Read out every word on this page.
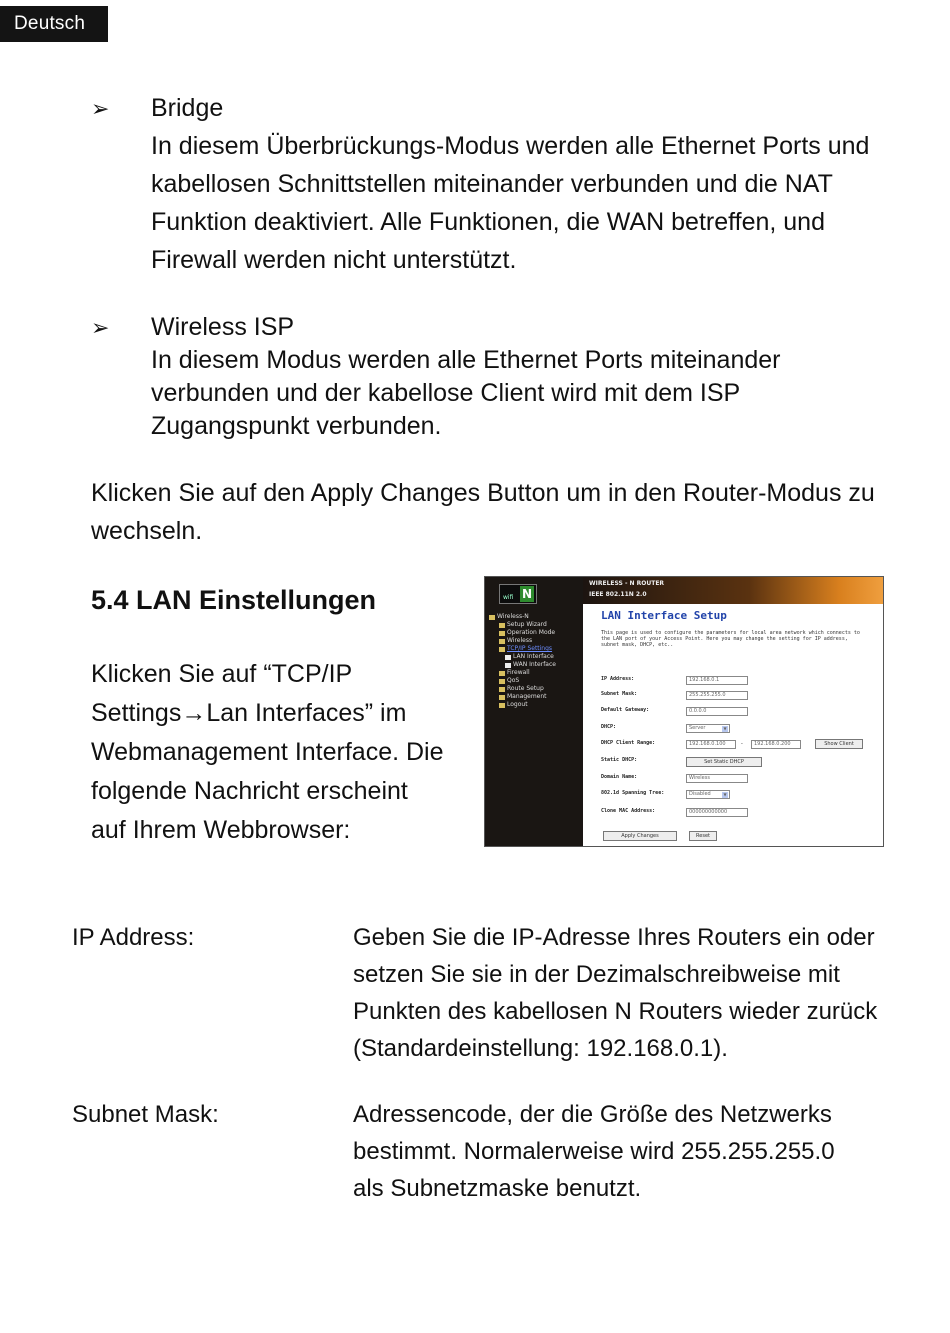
Deutsch
➢	Bridge
In diesem Überbrückungs-Modus werden alle Ethernet Ports und
kabellosen Schnittstellen miteinander verbunden und die NAT
Funktion deaktiviert. Alle Funktionen, die WAN betreffen, und
Firewall werden nicht unterstützt.
➢	Wireless ISP
In diesem Modus werden alle Ethernet Ports miteinander
verbunden und der kabellose Client wird mit dem ISP
Zugangspunkt verbunden.
Klicken Sie auf den Apply Changes Button um in den Router-Modus zu
wechseln.
5.4 LAN Einstellungen
Klicken Sie auf “TCP/IP
Settings→Lan Interfaces” im
Webmanagement Interface. Die
folgende Nachricht erscheint
auf Ihrem Webbrowser:
wifi N
Wireless-N
Setup Wizard
Operation Mode
Wireless
TCP/IP Settings
LAN Interface
WAN Interface
Firewall
QoS
Route Setup
Management
Logout
WIRELESS - N ROUTER
IEEE 802.11N 2.0
LAN Interface Setup
This page is used to configure the parameters for local area network which connects to the LAN port of your Access Point. Here you may change the setting for IP address, subnet mask, DHCP, etc..
IP Address:	192.168.0.1
Subnet Mask:	255.255.255.0
Default Gateway:	0.0.0.0
DHCP:	Server	▼
DHCP Client Range:	192.168.0.100	-	192.168.0.200	Show Client
Static DHCP:	Set Static DHCP
Domain Name:	Wireless
802.1d Spanning Tree:	Disabled	▼
Clone MAC Address:	000000000000
Apply Changes	Reset
IP Address:	Geben Sie die IP-Adresse Ihres Routers ein oder
setzen Sie sie in der Dezimalschreibweise mit
Punkten des kabellosen N Routers wieder zurück
(Standardeinstellung: 192.168.0.1).
Subnet Mask:	Adressencode, der die Größe des Netzwerks
bestimmt. Normalerweise wird 255.255.255.0
als Subnetzmaske benutzt.
